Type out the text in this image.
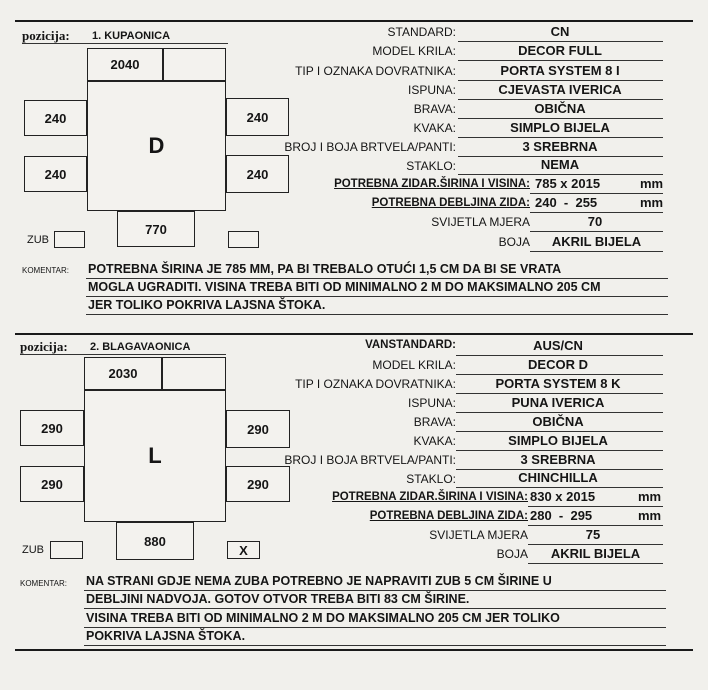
pozicija: 1. KUPAONICA
2040
D
240
240
240
240
770
ZUB
STANDARD:	CN
MODEL KRILA:	DECOR FULL
TIP I OZNAKA DOVRATNIKA:	PORTA SYSTEM 8 I
ISPUNA:	CJEVASTA IVERICA
BRAVA:	OBIČNA
KVAKA:	SIMPLO BIJELA
BROJ I BOJA BRTVELA/PANTI:	3 SREBRNA
STAKLO:	NEMA
POTREBNA ZIDAR.ŠIRINA I VISINA: 785 x 2015	mm
POTREBNA DEBLJINA ZIDA: 240  -  255	mm
SVIJETLA MJERA	70
BOJA	AKRIL BIJELA
KOMENTAR: POTREBNA ŠIRINA JE 785 MM, PA BI TREBALO OTUĆI 1,5 CM DA BI SE VRATA
MOGLA UGRADITI. VISINA TREBA BITI OD MINIMALNO 2 M DO MAKSIMALNO 205 CM
JER TOLIKO POKRIVA LAJSNA ŠTOKA.
pozicija: 2. BLAGAVAONICA
2030
L
290
290
290
290
880
ZUB	X
VANSTANDARD:	AUS/CN
MODEL KRILA:	DECOR D
TIP I OZNAKA DOVRATNIKA:	PORTA SYSTEM 8 K
ISPUNA:	PUNA IVERICA
BRAVA:	OBIČNA
KVAKA:	SIMPLO BIJELA
BROJ I BOJA BRTVELA/PANTI:	3 SREBRNA
STAKLO:	CHINCHILLA
POTREBNA ZIDAR.ŠIRINA I VISINA: 830 x 2015	mm
POTREBNA DEBLJINA ZIDA: 280  -  295	mm
SVIJETLA MJERA	75
BOJA	AKRIL BIJELA
KOMENTAR: NA STRANI GDJE NEMA ZUBA POTREBNO JE NAPRAVITI ZUB 5 CM ŠIRINE U
DEBLJINI NADVOJA. GOTOV OTVOR TREBA BITI 83 CM ŠIRINE.
VISINA TREBA BITI OD MINIMALNO 2 M DO MAKSIMALNO 205 CM JER TOLIKO
POKRIVA LAJSNA ŠTOKA.
